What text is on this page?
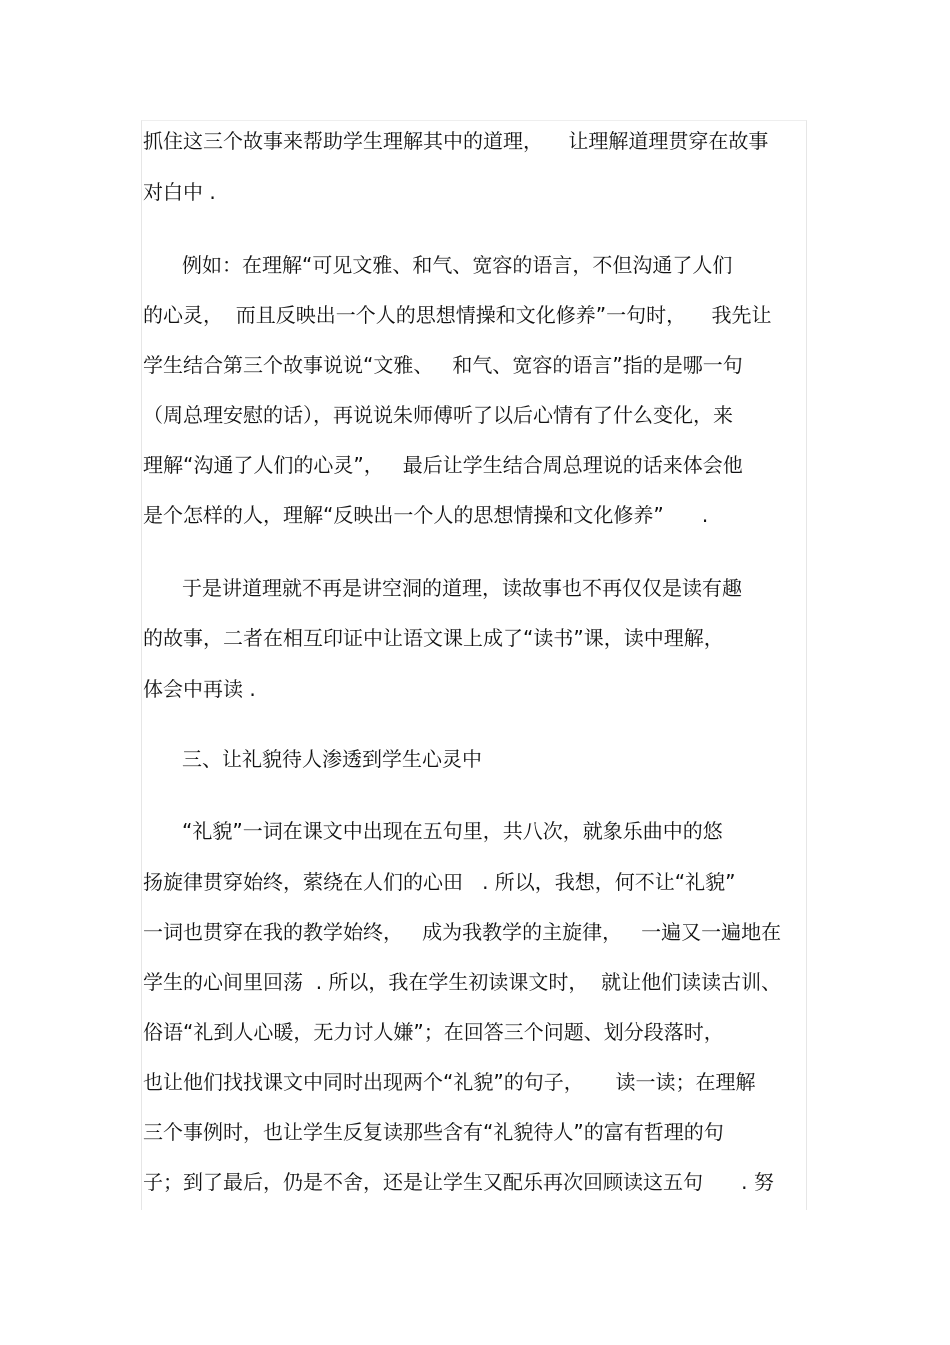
抓住这三个故事来帮助学生理解其中的道理，    让理解道理贯穿在故事
对白中 .
例如：在理解“可见文雅、和气、宽容的语言，不但沟通了人们
的心灵，  而且反映出一个人的思想情操和文化修养”一句时，    我先让
学生结合第三个故事说说“文雅、   和气、宽容的语言”指的是哪一句
（周总理安慰的话），再说说朱师傅听了以后心情有了什么变化，来
理解“沟通了人们的心灵”，   最后让学生结合周总理说的话来体会他
是个怎样的人，理解“反映出一个人的思想情操和文化修养”      .
于是讲道理就不再是讲空洞的道理，读故事也不再仅仅是读有趣
的故事，二者在相互印证中让语文课上成了“读书”课，读中理解，
体会中再读 .
三、让礼貌待人渗透到学生心灵中
“礼貌”一词在课文中出现在五句里，共八次，就象乐曲中的悠
扬旋律贯穿始终，萦绕在人们的心田   . 所以，我想，何不让“礼貌”
一词也贯穿在我的教学始终，   成为我教学的主旋律，   一遍又一遍地在
学生的心间里回荡  . 所以，我在学生初读课文时，  就让他们读读古训、
俗语“礼到人心暖，无力讨人嫌”；在回答三个问题、划分段落时，
也让他们找找课文中同时出现两个“礼貌”的句子，     读一读；在理解
三个事例时，也让学生反复读那些含有“礼貌待人”的富有哲理的句
子；到了最后，仍是不舍，还是让学生又配乐再次回顾读这五句      . 努
